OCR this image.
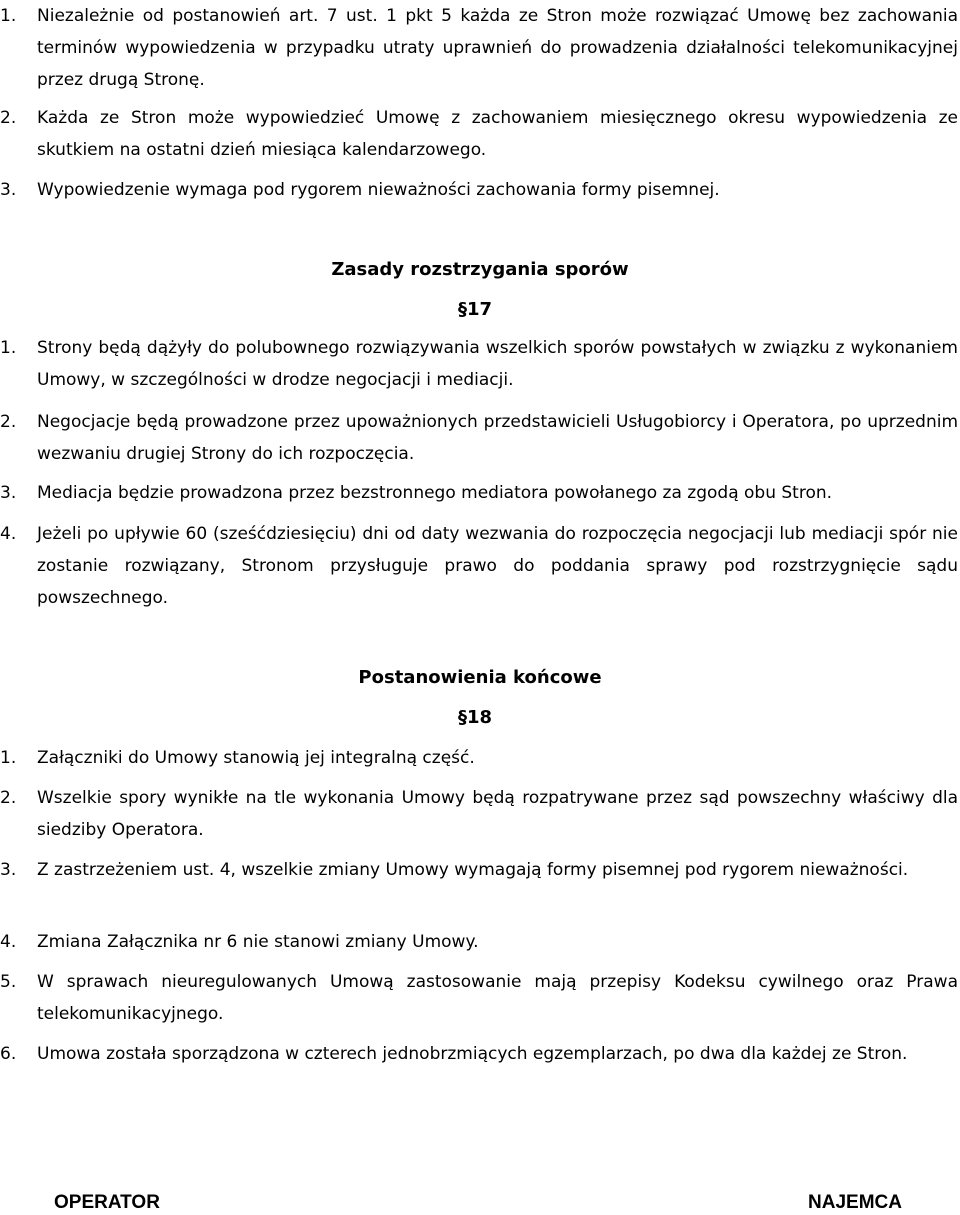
1.	Niezależnie od postanowień art. 7 ust. 1 pkt 5 każda ze Stron może rozwiązać Umowę bez zachowania terminów wypowiedzenia w przypadku utraty uprawnień do prowadzenia działalności telekomunikacyjnej przez drugą Stronę.
2.	Każda ze Stron może wypowiedzieć Umowę z zachowaniem miesięcznego okresu wypowiedzenia ze skutkiem na ostatni dzień miesiąca kalendarzowego.
3.	Wypowiedzenie wymaga pod rygorem nieważności zachowania formy pisemnej.
Zasady rozstrzygania sporów
§17
1.	Strony będą dążyły do polubownego rozwiązywania wszelkich sporów powstałych w związku z wykonaniem Umowy, w szczególności w drodze negocjacji i mediacji.
2.	Negocjacje będą prowadzone przez upoważnionych przedstawicieli Usługobiorcy i Operatora, po uprzednim wezwaniu drugiej Strony do ich rozpoczęcia.
3.	Mediacja będzie prowadzona przez bezstronnego mediatora powołanego za zgodą obu Stron.
4.	Jeżeli po upływie 60 (sześćdziesięciu) dni od daty wezwania do rozpoczęcia negocjacji lub mediacji spór nie zostanie rozwiązany, Stronom przysługuje prawo do poddania sprawy pod rozstrzygnięcie sądu powszechnego.
Postanowienia końcowe
§18
1.	Załączniki do Umowy stanowią jej integralną część.
2.	Wszelkie spory wynikłe na tle wykonania Umowy będą rozpatrywane przez sąd powszechny właściwy dla siedziby Operatora.
3.	Z zastrzeżeniem ust. 4, wszelkie zmiany Umowy wymagają formy pisemnej pod rygorem nieważności.
4.	Zmiana Załącznika nr 6 nie stanowi zmiany Umowy.
5.	W sprawach nieuregulowanych Umową zastosowanie mają przepisy Kodeksu cywilnego oraz Prawa telekomunikacyjnego.
6.	Umowa została sporządzona w czterech jednobrzmiących egzemplarzach, po dwa dla każdej ze Stron.
OPERATOR	NAJEMCA
